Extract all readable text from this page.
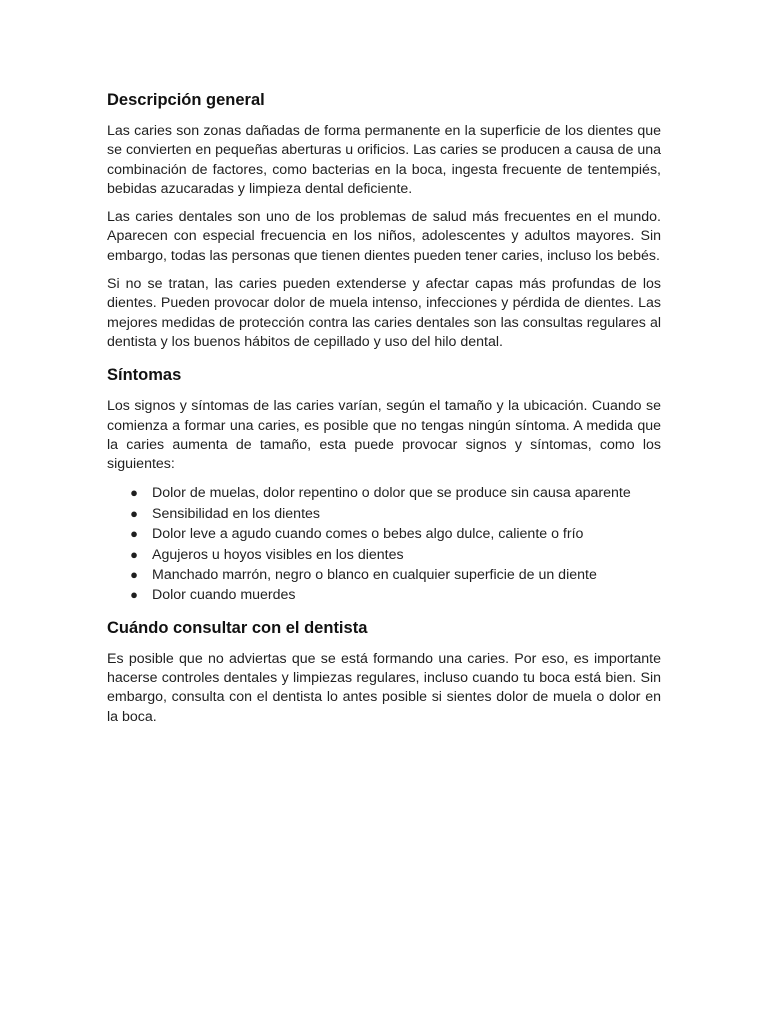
Descripción general

Las caries son zonas dañadas de forma permanente en la superficie de los dientes que se convierten en pequeñas aberturas u orificios. Las caries se producen a causa de una combinación de factores, como bacterias en la boca, ingesta frecuente de tentempiés, bebidas azucaradas y limpieza dental deficiente.

Las caries dentales son uno de los problemas de salud más frecuentes en el mundo. Aparecen con especial frecuencia en los niños, adolescentes y adultos mayores. Sin embargo, todas las personas que tienen dientes pueden tener caries, incluso los bebés.

Si no se tratan, las caries pueden extenderse y afectar capas más profundas de los dientes. Pueden provocar dolor de muela intenso, infecciones y pérdida de dientes. Las mejores medidas de protección contra las caries dentales son las consultas regulares al dentista y los buenos hábitos de cepillado y uso del hilo dental.

Síntomas

Los signos y síntomas de las caries varían, según el tamaño y la ubicación. Cuando se comienza a formar una caries, es posible que no tengas ningún síntoma. A medida que la caries aumenta de tamaño, esta puede provocar signos y síntomas, como los siguientes:

● Dolor de muelas, dolor repentino o dolor que se produce sin causa aparente
● Sensibilidad en los dientes
● Dolor leve a agudo cuando comes o bebes algo dulce, caliente o frío
● Agujeros u hoyos visibles en los dientes
● Manchado marrón, negro o blanco en cualquier superficie de un diente
● Dolor cuando muerdes
Cuándo consultar con el dentista

Es posible que no adviertas que se está formando una caries. Por eso, es importante hacerse controles dentales y limpiezas regulares, incluso cuando tu boca está bien. Sin embargo, consulta con el dentista lo antes posible si sientes dolor de muela o dolor en la boca.
